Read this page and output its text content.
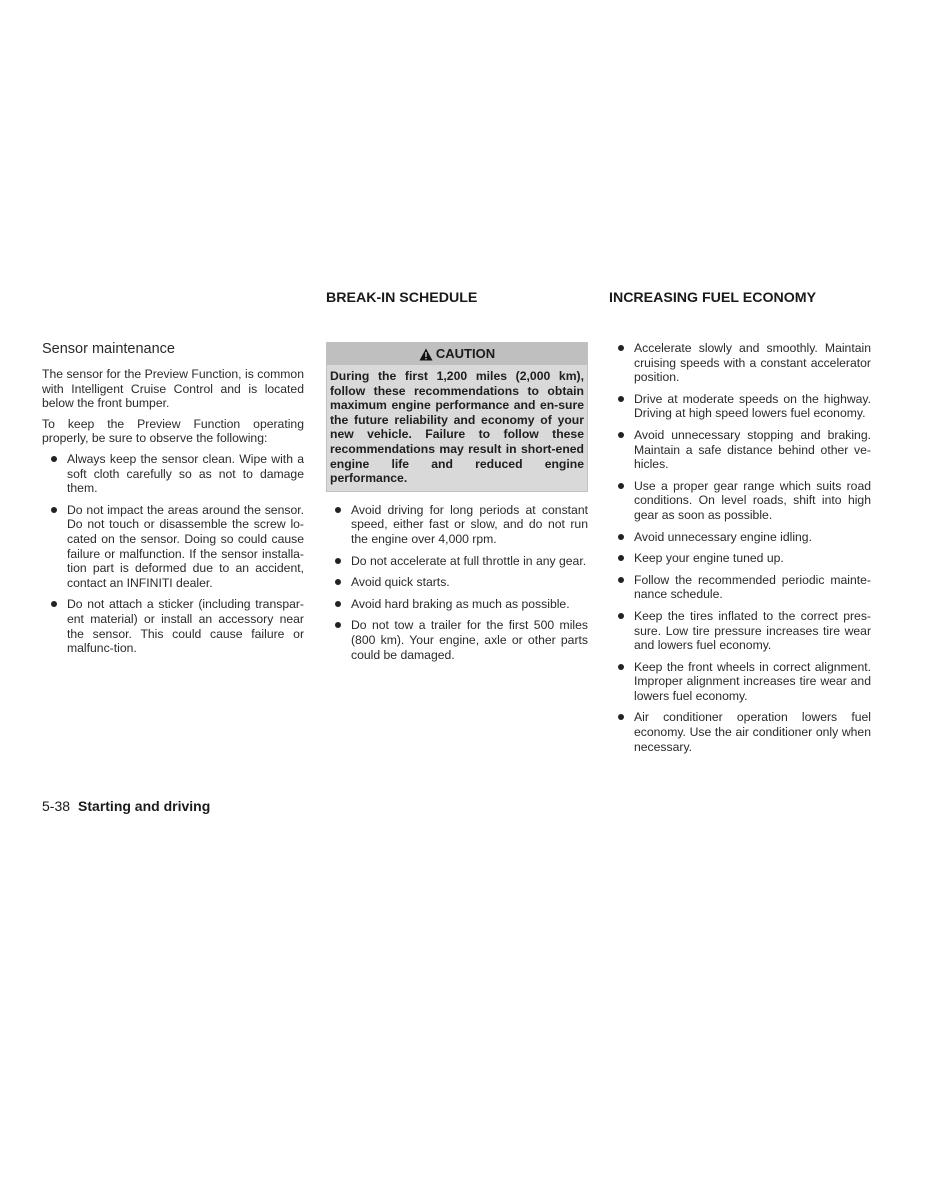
Sensor maintenance

The sensor for the Preview Function, is common with Intelligent Cruise Control and is located below the front bumper.

To keep the Preview Function operating properly, be sure to observe the following:

Always keep the sensor clean. Wipe with a soft cloth carefully so as not to damage them.
Do not impact the areas around the sensor. Do not touch or disassemble the screw lo-cated on the sensor. Doing so could cause failure or malfunction. If the sensor installa-tion part is deformed due to an accident, contact an INFINITI dealer.
Do not attach a sticker (including transpar-ent material) or install an accessory near the sensor. This could cause failure or malfunc-tion.
BREAK-IN SCHEDULE
CAUTION
During the first 1,200 miles (2,000 km), follow these recommendations to obtain maximum engine performance and en-sure the future reliability and economy of your new vehicle. Failure to follow these recommendations may result in short-ened engine life and reduced engine performance.
Avoid driving for long periods at constant speed, either fast or slow, and do not run the engine over 4,000 rpm.
Do not accelerate at full throttle in any gear.
Avoid quick starts.
Avoid hard braking as much as possible.
Do not tow a trailer for the first 500 miles (800 km). Your engine, axle or other parts could be damaged.
INCREASING FUEL ECONOMY
Accelerate slowly and smoothly. Maintain cruising speeds with a constant accelerator position.
Drive at moderate speeds on the highway. Driving at high speed lowers fuel economy.
Avoid unnecessary stopping and braking. Maintain a safe distance behind other ve-hicles.
Use a proper gear range which suits road conditions. On level roads, shift into high gear as soon as possible.
Avoid unnecessary engine idling.
Keep your engine tuned up.
Follow the recommended periodic mainte-nance schedule.
Keep the tires inflated to the correct pres-sure. Low tire pressure increases tire wear and lowers fuel economy.
Keep the front wheels in correct alignment. Improper alignment increases tire wear and lowers fuel economy.
Air conditioner operation lowers fuel economy. Use the air conditioner only when necessary.
5-38 Starting and driving
